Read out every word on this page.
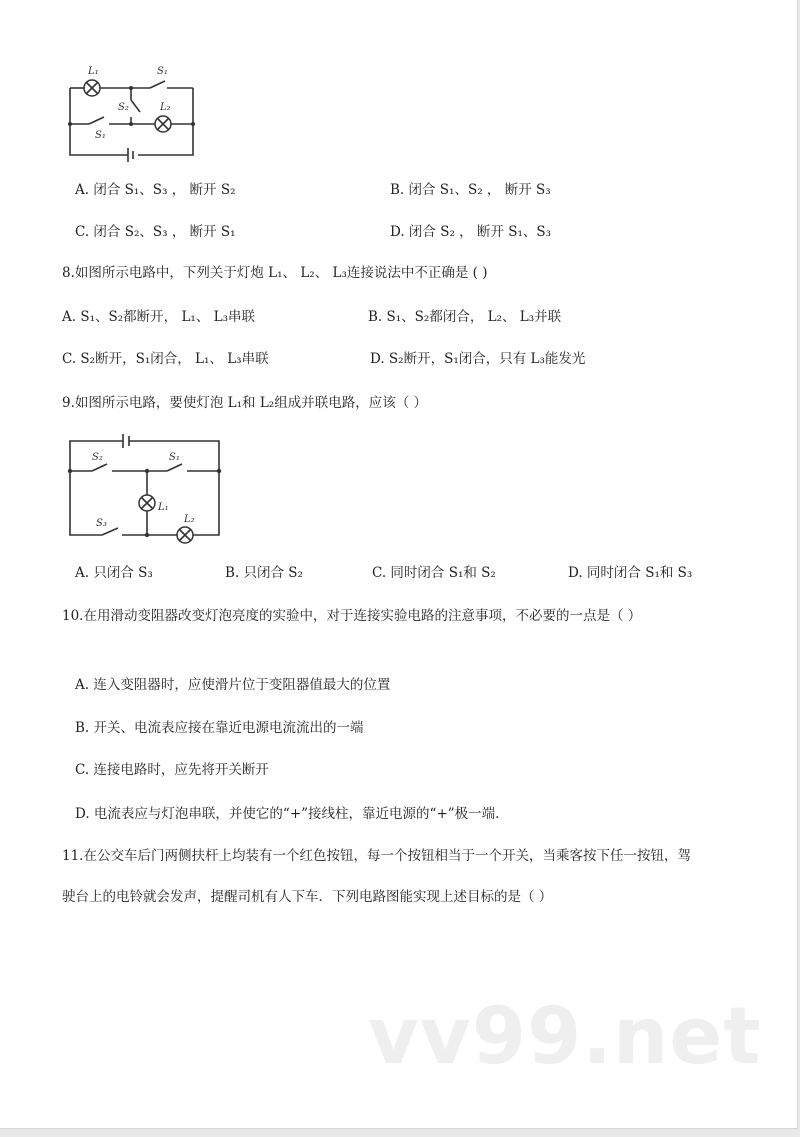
L₁	S₁
S₂	L₂
S₁
A. 闭合 S₁、S₃ ， 断开 S₂	B. 闭合 S₁、S₂ ， 断开 S₃
C. 闭合 S₂、S₃ ， 断开 S₁	D. 闭合 S₂ ， 断开 S₁、S₃
8.如图所示电路中，下列关于灯炮 L₁、 L₂、 L₃连接说法中不正确是 ( )
A. S₁、S₂都断开， L₁、 L₃串联	B. S₁、S₂都闭合， L₂、 L₃并联
C. S₂断开，S₁闭合， L₁、 L₃串联	D. S₂断开，S₁闭合，只有 L₃能发光
9.如图所示电路，要使灯泡 L₁和 L₂组成并联电路，应该（ ）
S₂	S₁
L₁
S₃	L₂
A. 只闭合 S₃	B. 只闭合 S₂	C. 同时闭合 S₁和 S₂	D. 同时闭合 S₁和 S₃
10.在用滑动变阻器改变灯泡亮度的实验中，对于连接实验电路的注意事项，不必要的一点是（ ）
A. 连入变阻器时，应使滑片位于变阻器值最大的位置
B. 开关、电流表应接在靠近电源电流流出的一端
C. 连接电路时，应先将开关断开
D. 电流表应与灯泡串联，并使它的“+”接线柱，靠近电源的“+”极一端.
11.在公交车后门两侧扶杆上均装有一个红色按钮，每一个按钮相当于一个开关，当乘客按下任一按钮，驾
驶台上的电铃就会发声，提醒司机有人下车．下列电路图能实现上述目标的是（ ）
vv99.net
